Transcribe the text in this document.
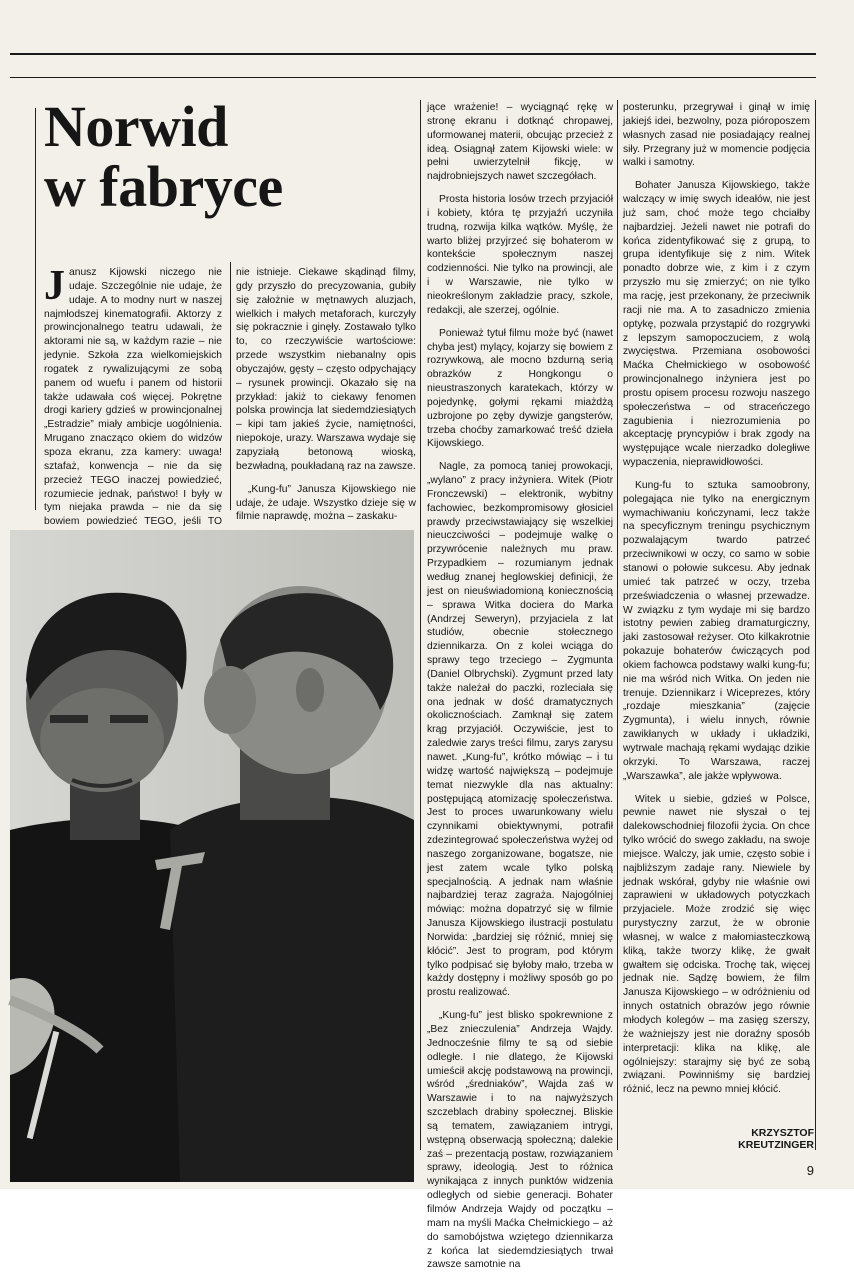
Norwid
w fabryce

Janusz Kijowski niczego nie udaje. Szczególnie nie udaje, że udaje. A to modny nurt w naszej najmłodszej kinematografii. Aktorzy z prowincjonalnego teatru udawali, że aktorami nie są, w każdym razie – nie jedynie. Szkoła zza wielkomiejskich rogatek z rywalizującymi ze sobą panem od wuefu i panem od historii także udawała coś więcej. Pokrętne drogi kariery gdzieś w prowincjonalnej „Estradzie” miały ambicje uogólnienia. Mrugano znacząco okiem do widzów spoza ekranu, zza kamery: uwaga! sztafaż, konwencja – nie da się przecież TEGO inaczej powiedzieć, rozumiecie jednak, państwo! I były w tym niejaka prawda – nie da się bowiem powiedzieć TEGO, jeśli TO

nie istnieje. Ciekawe skądinąd filmy, gdy przyszło do precyzowania, gubiły się założnie w mętnawych aluzjach, wielkich i małych metaforach, kurczyły się pokracznie i ginęły. Zostawało tylko to, co rzeczywiście wartościowe: przede wszystkim niebanalny opis obyczajów, gęsty – często odpychający – rysunek prowincji. Okazało się na przykład: jakiż to ciekawy fenomen polska prowincja lat siedemdziesiątych – kipi tam jakieś życie, namiętności, niepokoje, urazy. Warszawa wydaje się zapyziałą betonową wioską, bezwładną, poukładaną raz na zawsze.

„Kung-fu” Janusza Kijowskiego nie udaje, że udaje. Wszystko dzieje się w filmie naprawdę, można – zaskaku-

jące wrażenie! – wyciągnąć rękę w stronę ekranu i dotknąć chropawej, uformowanej materii, obcując przecież z ideą. Osiągnął zatem Kijowski wiele: w pełni uwierzytelnił fikcję, w najdrobniejszych nawet szczegółach.

Prosta historia losów trzech przyjaciół i kobiety, która tę przyjaźń uczyniła trudną, rozwija kilka wątków. Myślę, że warto bliżej przyjrzeć się bohaterom w kontekście społecznym naszej codzienności. Nie tylko na prowincji, ale i w Warszawie, nie tylko w nieokreślonym zakładzie pracy, szkole, redakcji, ale szerzej, ogólnie.

Ponieważ tytuł filmu może być (nawet chyba jest) mylący, kojarzy się bowiem z rozrywkową, ale mocno bzdurną serią obrazków z Hongkongu o nieustraszonych karatekach, którzy w pojedynkę, gołymi rękami miażdżą uzbrojone po zęby dywizje gangsterów, trzeba choćby zamarkować treść dzieła Kijowskiego.

Nagle, za pomocą taniej prowokacji, „wylano” z pracy inżyniera. Witek (Piotr Fronczewski) – elektronik, wybitny fachowiec, bezkompromisowy głosiciel prawdy przeciwstawiający się wszelkiej nieuczciwości – podejmuje walkę o przywrócenie należnych mu praw. Przypadkiem – rozumianym jednak według znanej heglowskiej definicji, że jest on nieuświadomioną koniecznością – sprawa Witka dociera do Marka (Andrzej Seweryn), przyjaciela z lat studiów, obecnie stołecznego dziennikarza. On z kolei wciąga do sprawy tego trzeciego – Zygmunta (Daniel Olbrychski). Zygmunt przed laty także należał do paczki, rozleciała się ona jednak w dość dramatycznych okolicznościach. Zamknął się zatem krąg przyjaciół. Oczywiście, jest to zaledwie zarys treści filmu, zarys zarysu nawet. „Kung-fu”, krótko mówiąc – i tu widzę wartość największą – podejmuje temat niezwykle dla nas aktualny: postępującą atomizację społeczeństwa. Jest to proces uwarunkowany wielu czynnikami obiektywnymi, potrafił zdezintegrować społeczeństwa wyżej od naszego zorganizowane, bogatsze, nie jest zatem wcale tylko polską specjalnością. A jednak nam właśnie najbardziej teraz zagraża. Najogólniej mówiąc: można dopatrzyć się w filmie Janusza Kijowskiego ilustracji postulatu Norwida: „bardziej się różnić, mniej się kłócić”. Jest to program, pod którym tylko podpisać się byłoby mało, trzeba w każdy dostępny i możliwy sposób go po prostu realizować.

„Kung-fu” jest blisko spokrewnione z „Bez znieczulenia” Andrzeja Wajdy. Jednocześnie filmy te są od siebie odległe. I nie dlatego, że Kijowski umieścił akcję podstawową na prowincji, wśród „średniaków”, Wajda zaś w Warszawie i to na najwyższych szczeblach drabiny społecznej. Bliskie są tematem, zawiązaniem intrygi, wstępną obserwacją społeczną; dalekie zaś – prezentacją postaw, rozwiązaniem sprawy, ideologią. Jest to różnica wynikająca z innych punktów widzenia odległych od siebie generacji. Bohater filmów Andrzeja Wajdy od początku – mam na myśli Maćka Chełmickiego – aż do samobójstwa wziętego dziennikarza z końca lat siedemdziesiątych trwał zawsze samotnie na

posterunku, przegrywał i ginął w imię jakiejś idei, bezwolny, poza pióroposzem własnych zasad nie posiadający realnej siły. Przegrany już w momencie podjęcia walki i samotny.

Bohater Janusza Kijowskiego, także walczący w imię swych ideałów, nie jest już sam, choć może tego chciałby najbardziej. Jeżeli nawet nie potrafi do końca zidentyfikować się z grupą, to grupa identyfikuje się z nim. Witek ponadto dobrze wie, z kim i z czym przyszło mu się zmierzyć; on nie tylko ma rację, jest przekonany, że przeciwnik racji nie ma. A to zasadniczo zmienia optykę, pozwala przystąpić do rozgrywki z lepszym samopoczuciem, z wolą zwycięstwa. Przemiana osobowości Maćka Chełmickiego w osobowość prowincjonalnego inżyniera jest po prostu opisem procesu rozwoju naszego społeczeństwa – od straceńczego zagubienia i niezrozumienia po akceptację pryncypiów i brak zgody na występujące wcale nierzadko doległiwe wypaczenia, nieprawidłowości.

Kung-fu to sztuka samoobrony, polegająca nie tylko na energicznym wymachiwaniu kończynami, lecz także na specyficznym treningu psychicznym pozwalającym twardo patrzeć przeciwnikowi w oczy, co samo w sobie stanowi o połowie sukcesu. Aby jednak umieć tak patrzeć w oczy, trzeba przeświadczenia o własnej przewadze. W związku z tym wydaje mi się bardzo istotny pewien zabieg dramaturgiczny, jaki zastosował reżyser. Oto kilkakrotnie pokazuje bohaterów ćwiczących pod okiem fachowca podstawy walki kung-fu; nie ma wśród nich Witka. On jeden nie trenuje. Dziennikarz i Wiceprezes, który „rozdaje mieszkania” (zajęcie Zygmunta), i wielu innych, równie zawikłanych w układy i układziki, wytrwale machają rękami wydając dzikie okrzyki. To Warszawa, raczej „Warszawka”, ale jakże wpływowa.

Witek u siebie, gdzieś w Polsce, pewnie nawet nie słyszał o tej dalekowschodniej filozofii życia. On chce tylko wrócić do swego zakładu, na swoje miejsce. Walczy, jak umie, często sobie i najbliższym zadaje rany. Niewiele by jednak wskórał, gdyby nie właśnie owi zaprawieni w układowych potyczkach przyjaciele. Może zrodzić się więc purystyczny zarzut, że w obronie własnej, w walce z małomiasteczkową kliką, także tworzy klikę, że gwałt gwałtem się odciska. Trochę tak, więcej jednak nie. Sądzę bowiem, że film Janusza Kijowskiego – w odróżnieniu od innych ostatnich obrazów jego równie młodych kolegów – ma zasięg szerszy, że ważniejszy jest nie doraźny sposób interpretacji: klika na klikę, ale ogólniejszy: starajmy się być ze sobą związani. Powinniśmy się bardziej różnić, lecz na pewno mniej kłócić.

KRZYSZTOF
KREUTZINGER
9
